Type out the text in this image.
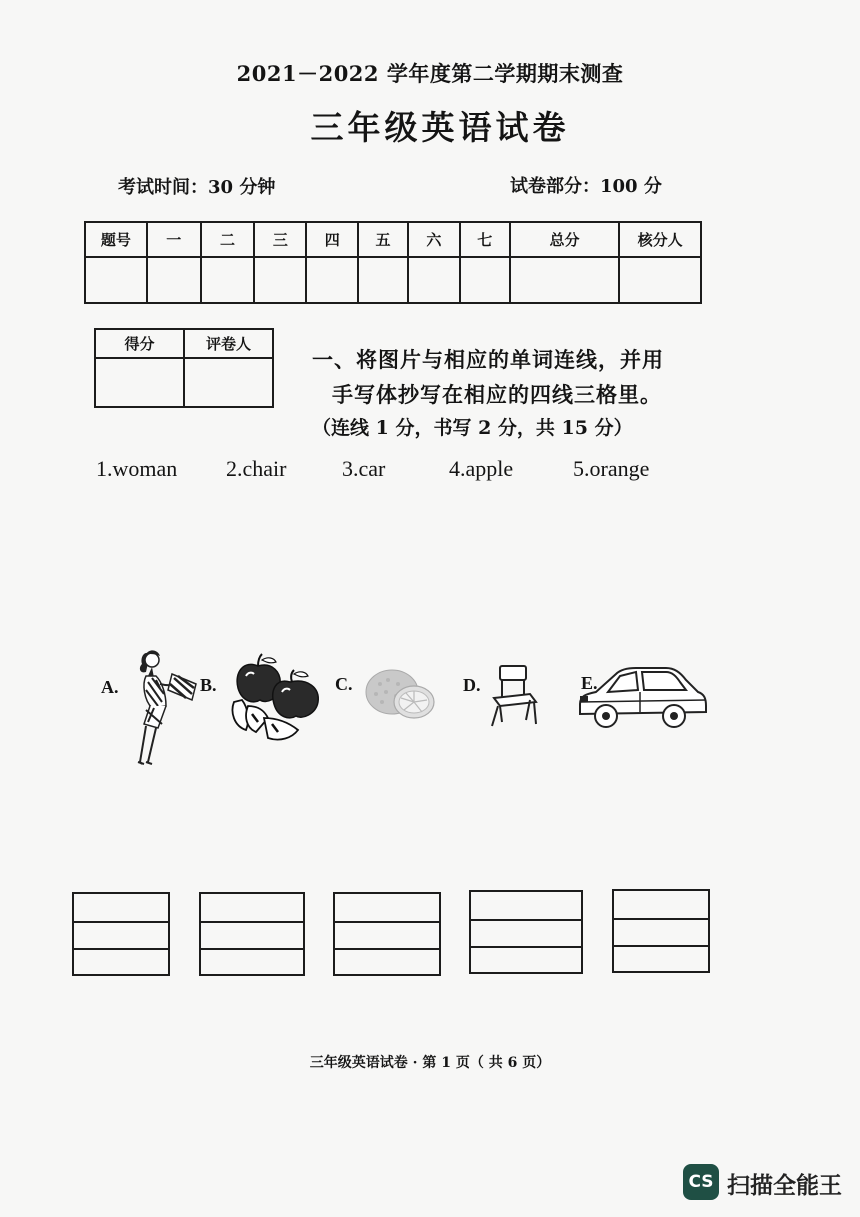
2021－2022 学年度第二学期期末测查
三年级英语试卷
考试时间：30 分钟	试卷部分：100 分
题号	一	二	三	四	五	六	七	总分	核分人

得分	评卷人

一、将图片与相应的单词连线，并用
手写体抄写在相应的四线三格里。
（连线 1 分，书写 2 分，共 15 分）
1.woman 2.chair	3.car	4.apple	5.orange
A.	B.	C.	D.	E.
三年级英语试卷 · 第 1 页（ 共 6 页）
CS 扫描全能王
